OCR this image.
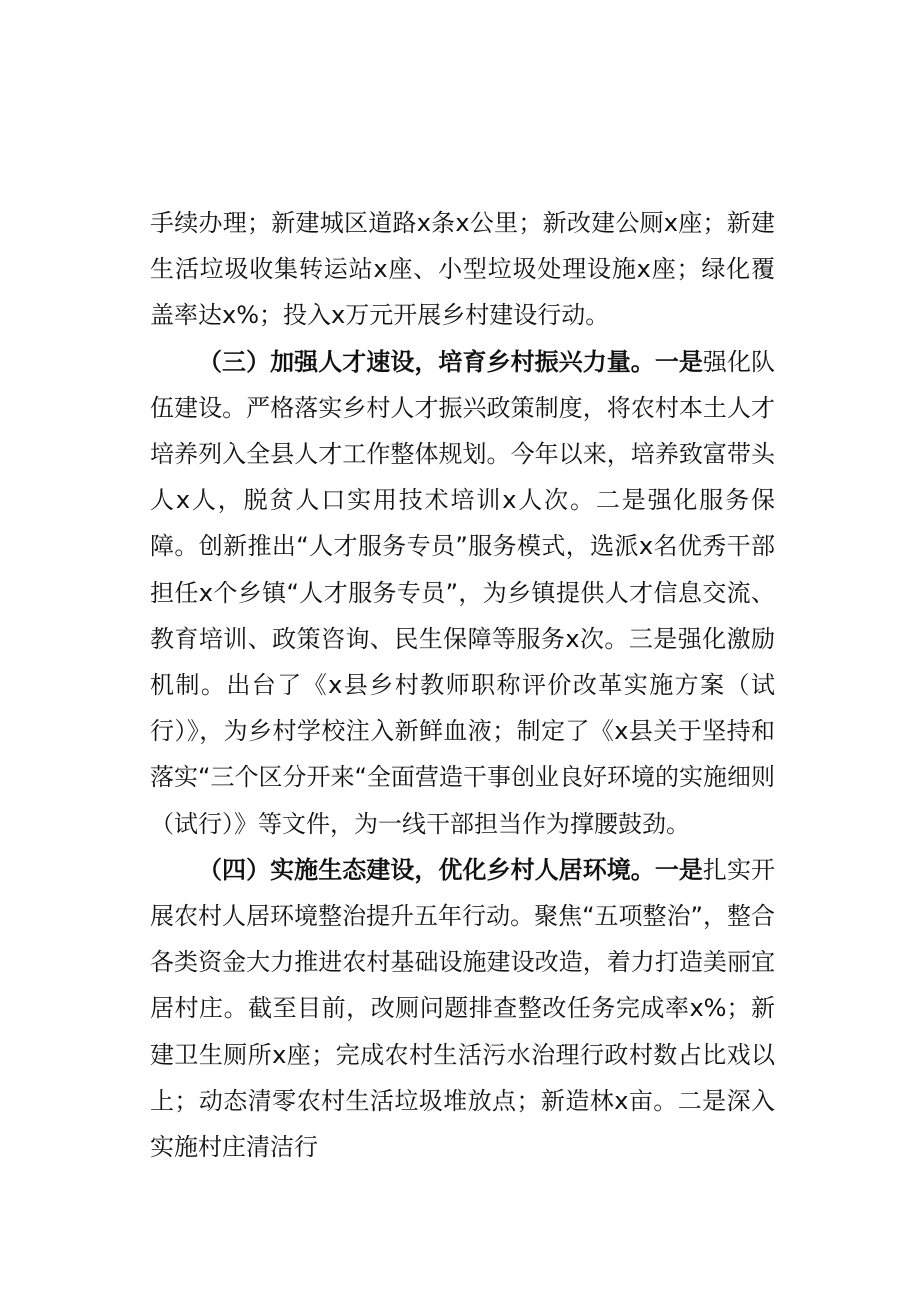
手续办理；新建城区道路x条x公里；新改建公厕x座；新建生活垃圾收集转运站x座、小型垃圾处理设施x座；绿化覆盖率达x%；投入x万元开展乡村建设行动。

（三）加强人才速设，培育乡村振兴力量。一是强化队伍建设。严格落实乡村人才振兴政策制度，将农村本土人才培养列入全县人才工作整体规划。今年以来，培养致富带头人x人，脱贫人口实用技术培训x人次。二是强化服务保障。创新推出“人才服务专员”服务模式，选派x名优秀干部担任x个乡镇“人才服务专员”，为乡镇提供人才信息交流、教育培训、政策咨询、民生保障等服务x次。三是强化激励机制。出台了《x县乡村教师职称评价改革实施方案（试行）》，为乡村学校注入新鲜血液；制定了《x县关于坚持和落实“三个区分开来“全面营造干事创业良好环境的实施细则（试行）》等文件，为一线干部担当作为撑腰鼓劲。

（四）实施生态建设，优化乡村人居环境。一是扎实开展农村人居环境整治提升五年行动。聚焦“五项整治”，整合各类资金大力推进农村基础设施建设改造，着力打造美丽宜居村庄。截至目前，改厕问题排查整改任务完成率x%；新建卫生厕所x座；完成农村生活污水治理行政村数占比戏以上；动态清零农村生活垃圾堆放点；新造林x亩。二是深入实施村庄清洁行
